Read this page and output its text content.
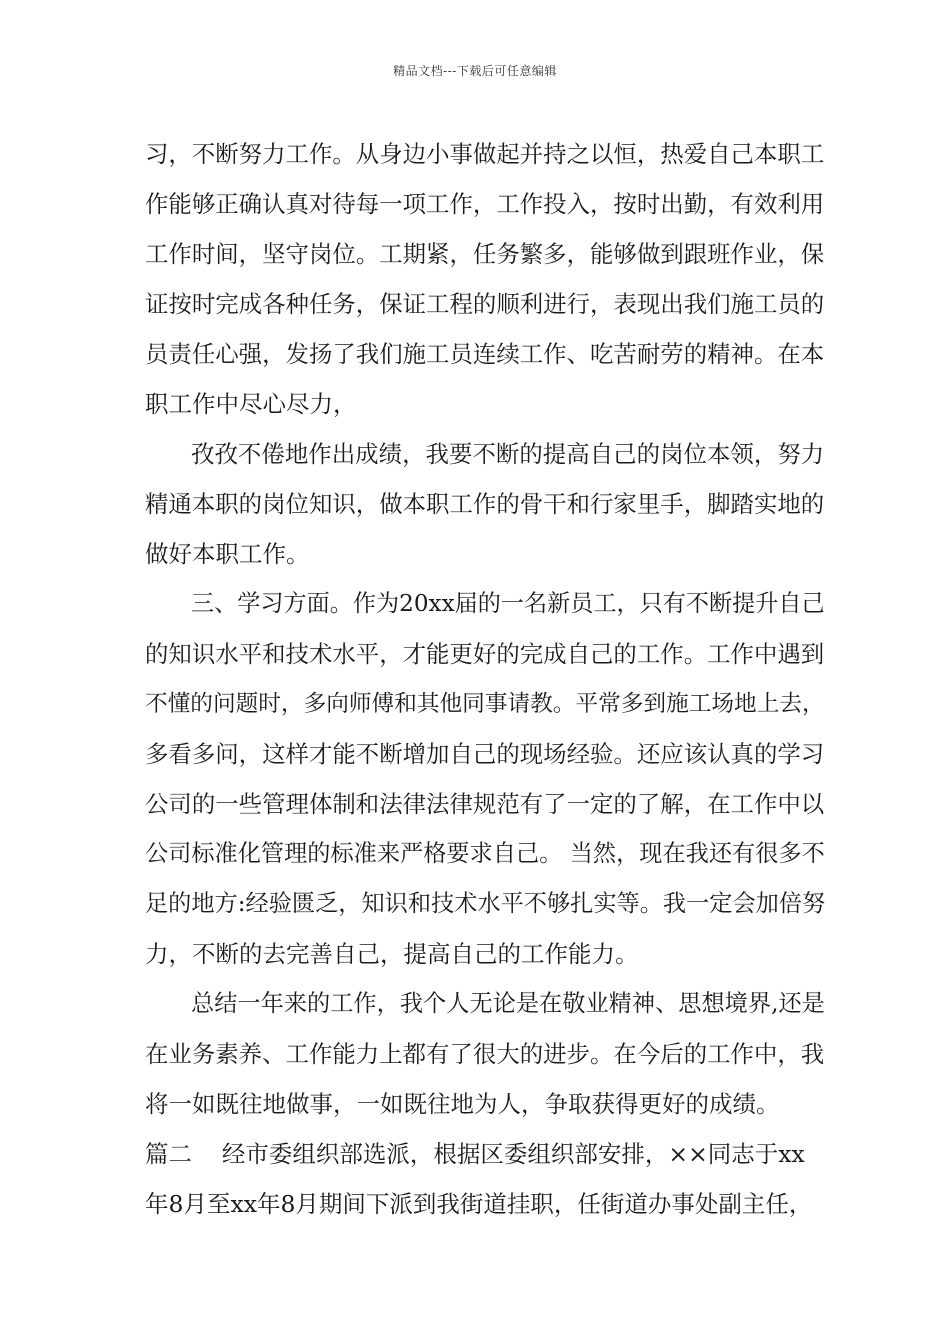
精品文档---下载后可任意编辑
习，不断努力工作。从身边小事做起并持之以恒，热爱自己本职工
作能够正确认真对待每一项工作，工作投入，按时出勤，有效利用
工作时间，坚守岗位。工期紧，任务繁多，能够做到跟班作业，保
证按时完成各种任务，保证工程的顺利进行，表现出我们施工员的
员责任心强，发扬了我们施工员连续工作、吃苦耐劳的精神。在本
职工作中尽心尽力，
孜孜不倦地作出成绩，我要不断的提高自己的岗位本领，努力
精通本职的岗位知识，做本职工作的骨干和行家里手，脚踏实地的
做好本职工作。
三、学习方面。作为20xx届的一名新员工，只有不断提升自己
的知识水平和技术水平，才能更好的完成自己的工作。工作中遇到
不懂的问题时，多向师傅和其他同事请教。平常多到施工场地上去，
多看多问，这样才能不断增加自己的现场经验。还应该认真的学习
公司的一些管理体制和法律法律规范有了一定的了解，在工作中以
公司标准化管理的标准来严格要求自己。 当然，现在我还有很多不
足的地方:经验匮乏，知识和技术水平不够扎实等。我一定会加倍努
力，不断的去完善自己，提高自己的工作能力。
总结一年来的工作，我个人无论是在敬业精神、思想境界,还是
在业务素养、工作能力上都有了很大的进步。在今后的工作中，我
将一如既往地做事，一如既往地为人，争取获得更好的成绩。
篇二    经市委组织部选派，根据区委组织部安排，××同志于xx
年8月至xx年8月期间下派到我街道挂职，任街道办事处副主任，
